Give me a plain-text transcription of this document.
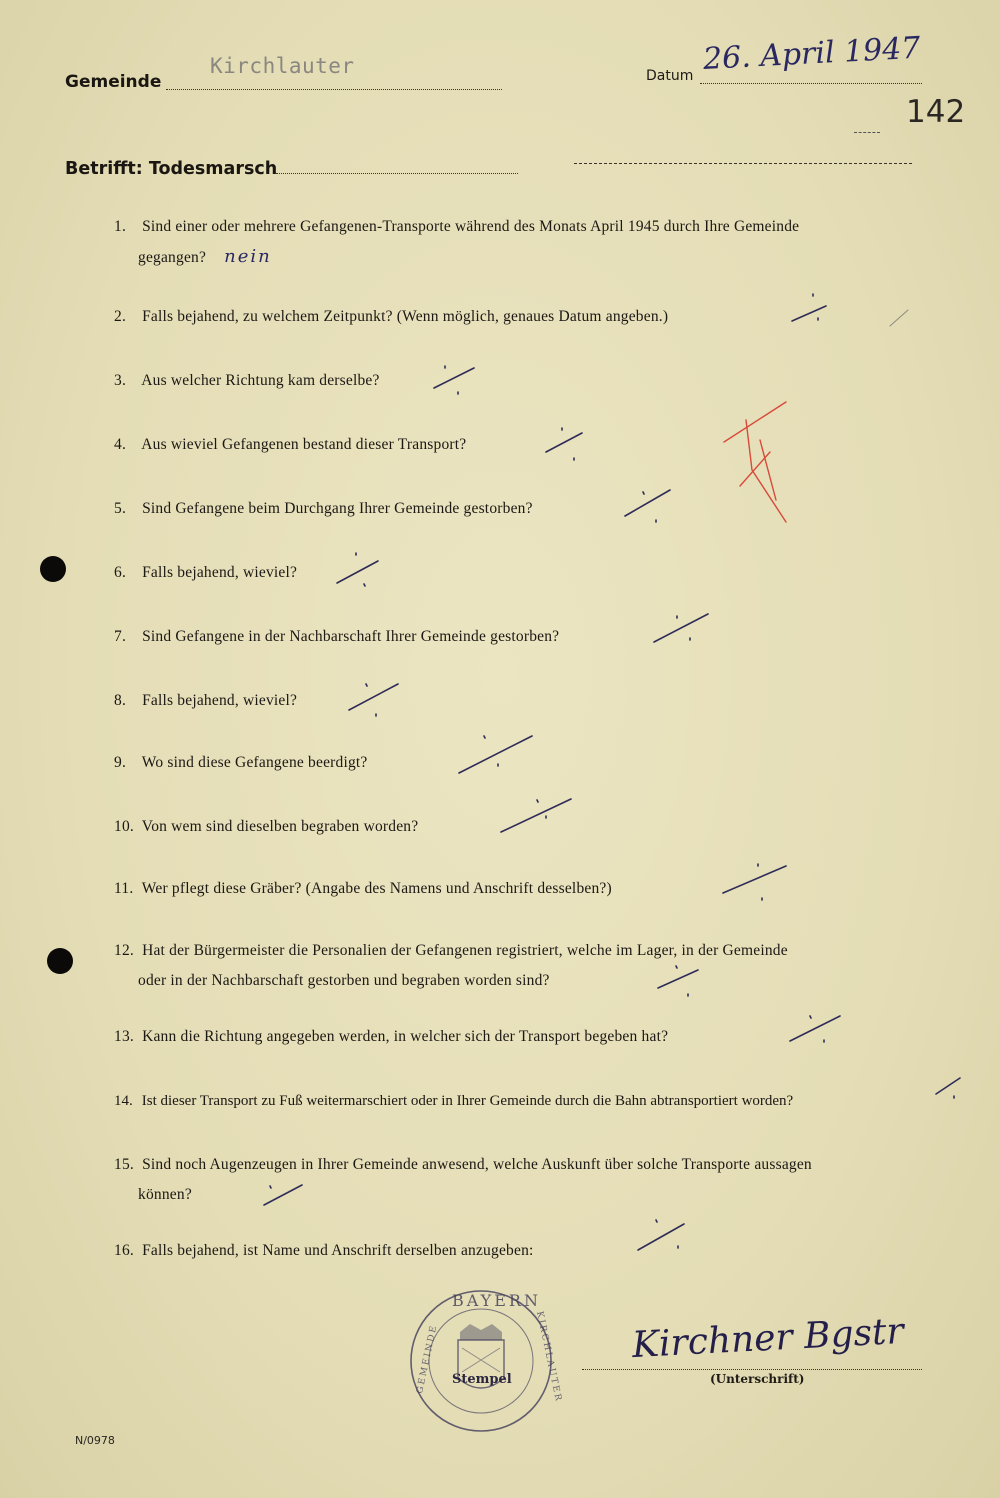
Gemeinde
Kirchlauter	Datum 26. April 1947
142
Betrifft: Todesmarsch
1. Sind einer oder mehrere Gefangenen-Transporte während des Monats April 1945 durch Ihre Gemeinde
gegangen? nein
2. Falls bejahend, zu welchem Zeitpunkt? (Wenn möglich, genaues Datum angeben.)
3. Aus welcher Richtung kam derselbe?
4. Aus wieviel Gefangenen bestand dieser Transport?
5. Sind Gefangene beim Durchgang Ihrer Gemeinde gestorben?
6. Falls bejahend, wieviel?
7. Sind Gefangene in der Nachbarschaft Ihrer Gemeinde gestorben?
8. Falls bejahend, wieviel?
9. Wo sind diese Gefangene beerdigt?
10. Von wem sind dieselben begraben worden?
11. Wer pflegt diese Gräber? (Angabe des Namens und Anschrift desselben?)
12. Hat der Bürgermeister die Personalien der Gefangenen registriert, welche im Lager, in der Gemeinde
oder in der Nachbarschaft gestorben und begraben worden sind?
13. Kann die Richtung angegeben werden, in welcher sich der Transport begeben hat?
14. Ist dieser Transport zu Fuß weitermarschiert oder in Ihrer Gemeinde durch die Bahn abtransportiert worden?
15. Sind noch Augenzeugen in Ihrer Gemeinde anwesend, welche Auskunft über solche Transporte aussagen
können?
16. Falls bejahend, ist Name und Anschrift derselben anzugeben:
BAYERN
Stempel
GEMEINDE	KIRCHLAUTER Kirchner Bgstr
(Unterschrift)
N/0978
